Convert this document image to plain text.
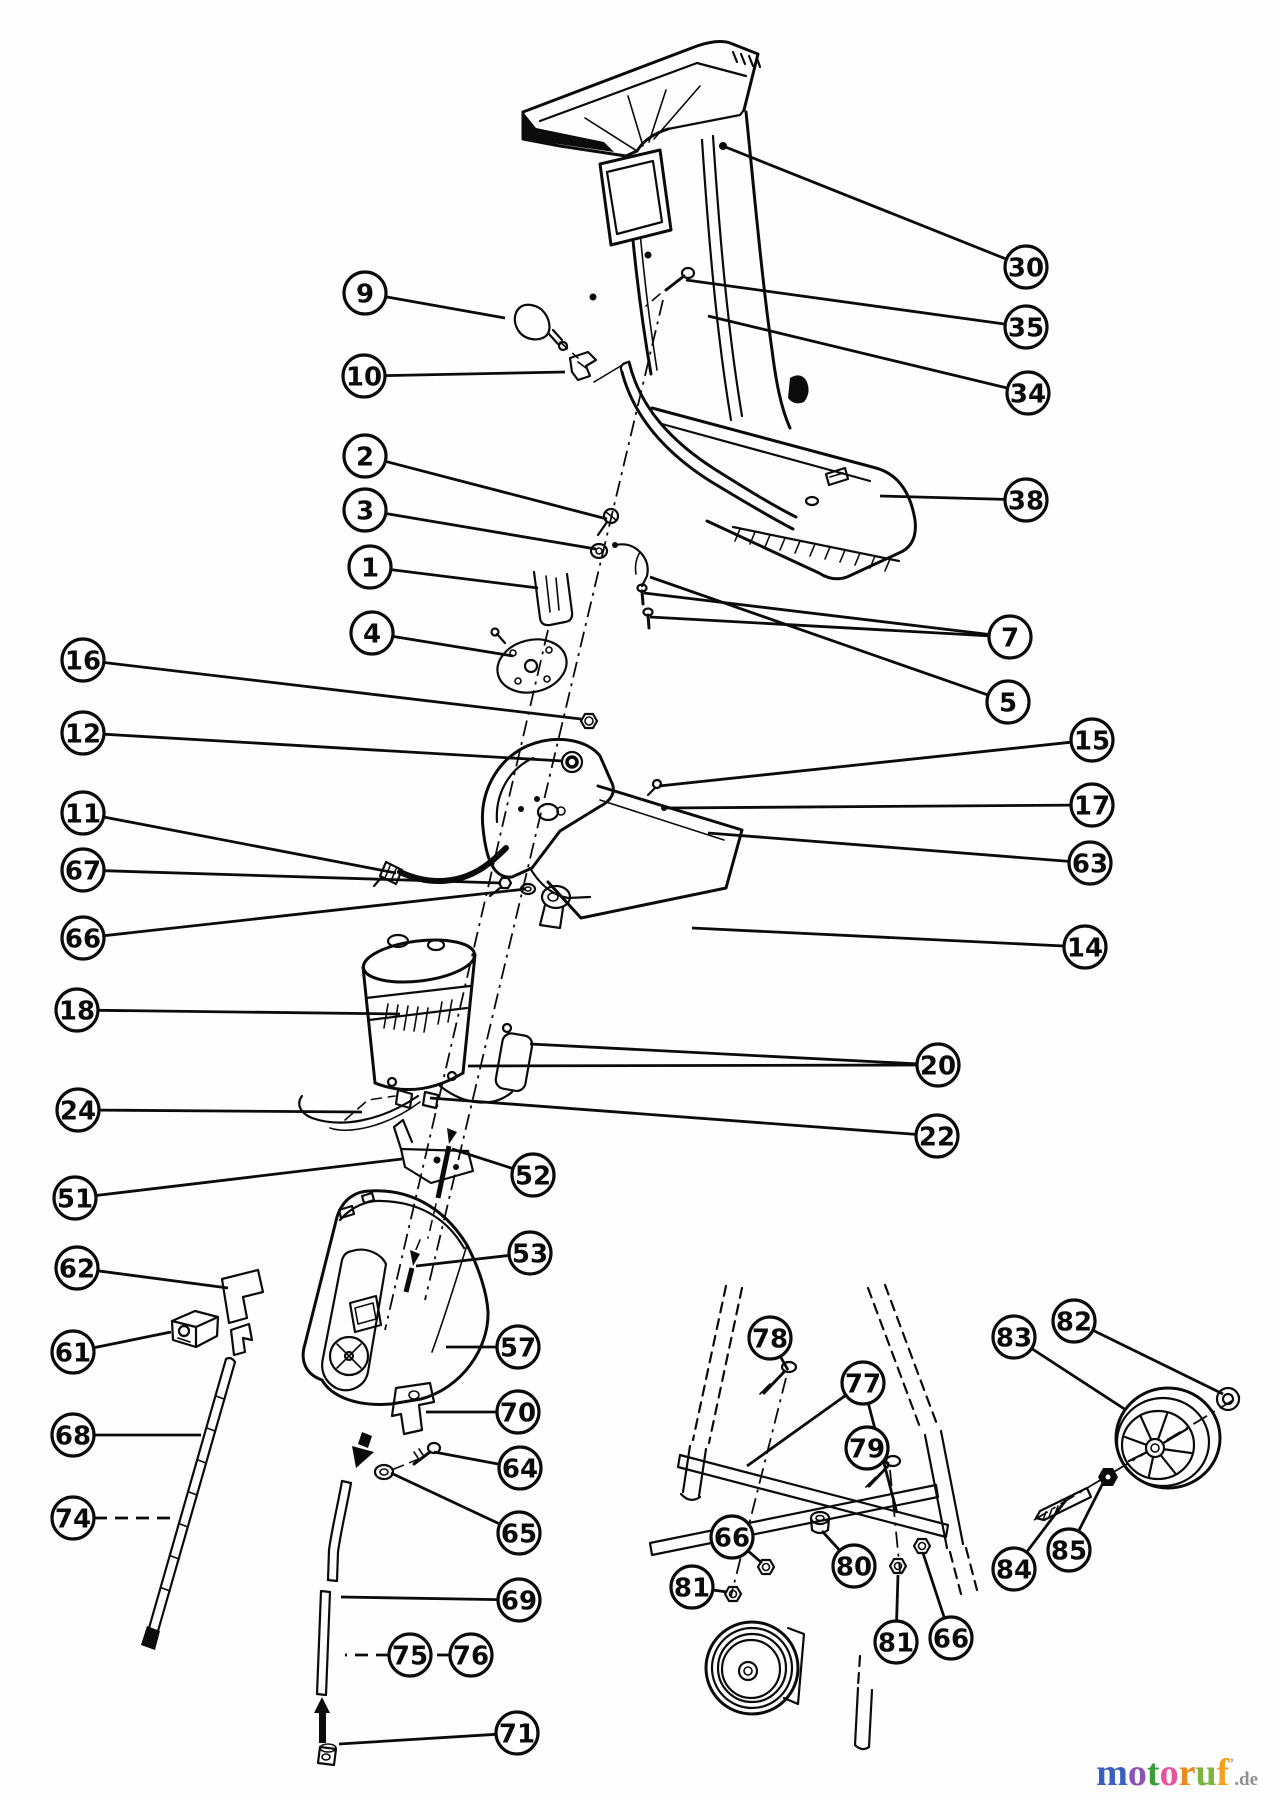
9
10
2
3
1
4
16
12
11
67
66
18
24
51
62
61
68
74
30
35
34
38
7
5
15
17
63
14
20
22
52
53
57
70
64
65
69
75 76
71
78
77
79
83
82
80
66
81
81 66
84
85
motoruf’.de
